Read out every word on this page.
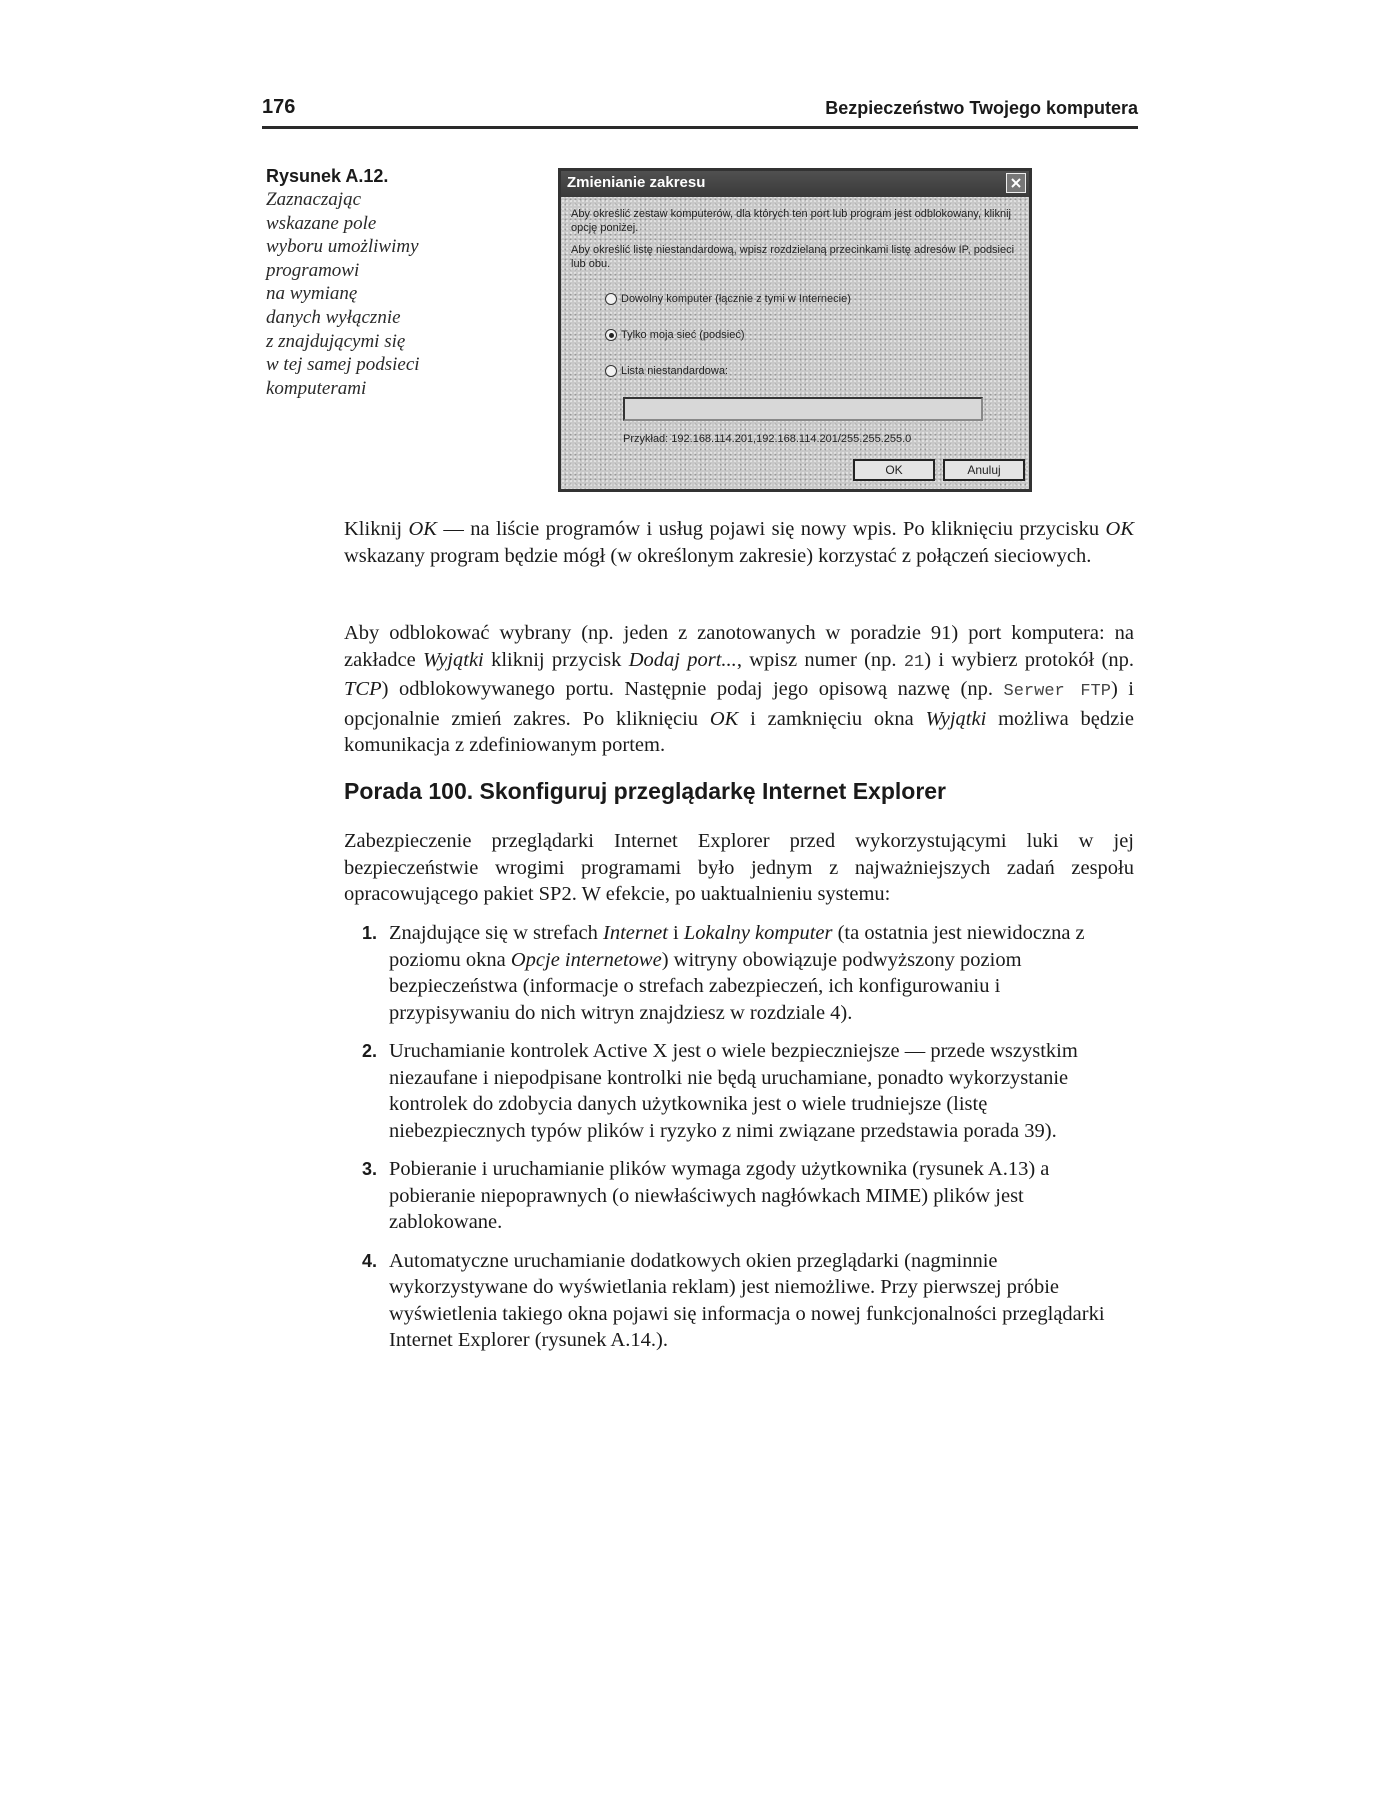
176	Bezpieczeństwo Twojego komputera
Rysunek A.12.
Zaznaczając
wskazane pole
wyboru umożliwimy
programowi
na wymianę
danych wyłącznie
z znajdującymi się
w tej samej podsieci
komputerami
Zmienianie zakresu
Aby określić zestaw komputerów, dla których ten port lub program jest odblokowany, kliknij opcję poniżej.
Aby określić listę niestandardową, wpisz rozdzielaną przecinkami listę adresów IP, podsieci lub obu.
Dowolny komputer (łącznie z tymi w Internecie)
Tylko moja sieć (podsieć)
Lista niestandardowa:
Przykład: 192.168.114.201,192.168.114.201/255.255.255.0
OK	Anuluj

Kliknij OK — na liście programów i usług pojawi się nowy wpis. Po kliknięciu przycisku OK wskazany program będzie mógł (w określonym zakresie) korzystać z połączeń sieciowych.

Aby odblokować wybrany (np. jeden z zanotowanych w poradzie 91) port komputera: na zakładce Wyjątki kliknij przycisk Dodaj port..., wpisz numer (np. 21) i wybierz protokół (np. TCP) odblokowywanego portu. Następnie podaj jego opisową nazwę (np. Serwer FTP) i opcjonalnie zmień zakres. Po kliknięciu OK i zamknięciu okna Wyjątki możliwa będzie komunikacja z zdefiniowanym portem.

Porada 100. Skonfiguruj przeglądarkę Internet Explorer

Zabezpieczenie przeglądarki Internet Explorer przed wykorzystującymi luki w jej bezpieczeństwie wrogimi programami było jednym z najważniejszych zadań zespołu opracowującego pakiet SP2. W efekcie, po uaktualnieniu systemu:

1. Znajdujące się w strefach Internet i Lokalny komputer (ta ostatnia jest niewidoczna z poziomu okna Opcje internetowe) witryny obowiązuje podwyższony poziom bezpieczeństwa (informacje o strefach zabezpieczeń, ich konfigurowaniu i przypisywaniu do nich witryn znajdziesz w rozdziale 4).
2. Uruchamianie kontrolek Active X jest o wiele bezpieczniejsze — przede wszystkim niezaufane i niepodpisane kontrolki nie będą uruchamiane, ponadto wykorzystanie kontrolek do zdobycia danych użytkownika jest o wiele trudniejsze (listę niebezpiecznych typów plików i ryzyko z nimi związane przedstawia porada 39).
3. Pobieranie i uruchamianie plików wymaga zgody użytkownika (rysunek A.13) a pobieranie niepoprawnych (o niewłaściwych nagłówkach MIME) plików jest zablokowane.
4. Automatyczne uruchamianie dodatkowych okien przeglądarki (nagminnie wykorzystywane do wyświetlania reklam) jest niemożliwe. Przy pierwszej próbie wyświetlenia takiego okna pojawi się informacja o nowej funkcjonalności przeglądarki Internet Explorer (rysunek A.14.).
